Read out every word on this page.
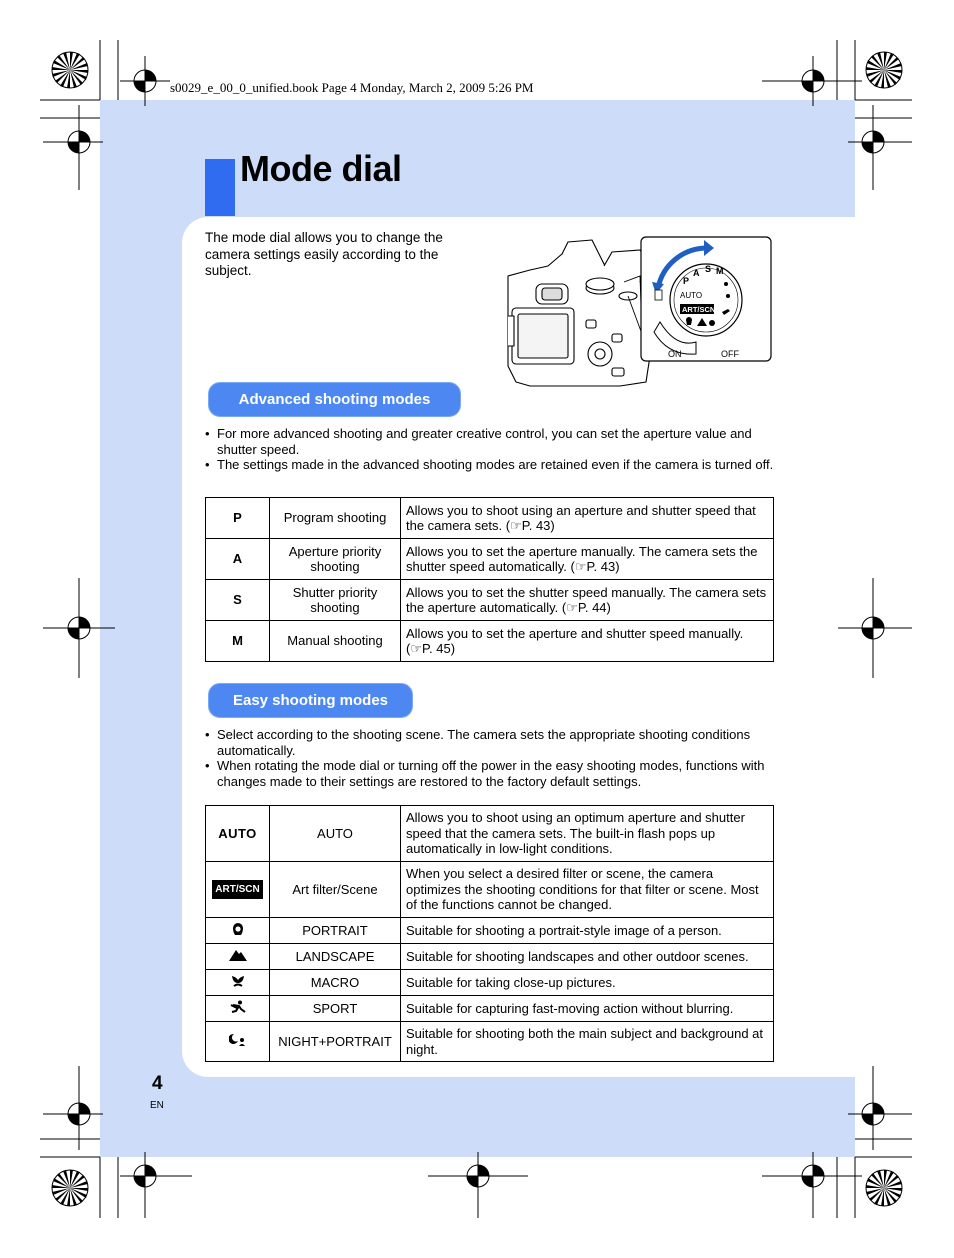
s0029_e_00_0_unified.book Page 4 Monday, March 2, 2009 5:26 PM
Mode dial

The mode dial allows you to change the camera settings easily according to the subject.

P
A S M
AUTO
ART/SCN
ON	OFF
Advanced shooting modes
• For more advanced shooting and greater creative control, you can set the aperture value and shutter speed.
• The settings made in the advanced shooting modes are retained even if the camera is turned off.
P	Program shooting	Allows you to shoot using an aperture and shutter speed that the camera sets. (☞P. 43)
A	Aperture priority shooting	Allows you to set the aperture manually. The camera sets the shutter speed automatically. (☞P. 43)
S	Shutter priority shooting	Allows you to set the shutter speed manually. The camera sets the aperture automatically. (☞P. 44)
M	Manual shooting	Allows you to set the aperture and shutter speed manually. (☞P. 45)
Easy shooting modes
• Select according to the shooting scene. The camera sets the appropriate shooting conditions automatically.
• When rotating the mode dial or turning off the power in the easy shooting modes, functions with changes made to their settings are restored to the factory default settings.
AUTO	AUTO	Allows you to shoot using an optimum aperture and shutter speed that the camera sets. The built-in flash pops up automatically in low-light conditions.
ART/SCN	Art filter/Scene	When you select a desired filter or scene, the camera optimizes the shooting conditions for that filter or scene. Most of the functions cannot be changed.
	PORTRAIT	Suitable for shooting a portrait-style image of a person.
	LANDSCAPE	Suitable for shooting landscapes and other outdoor scenes.
	MACRO	Suitable for taking close-up pictures.
	SPORT	Suitable for capturing fast-moving action without blurring.
	NIGHT+PORTRAIT	Suitable for shooting both the main subject and background at night.
4
EN
